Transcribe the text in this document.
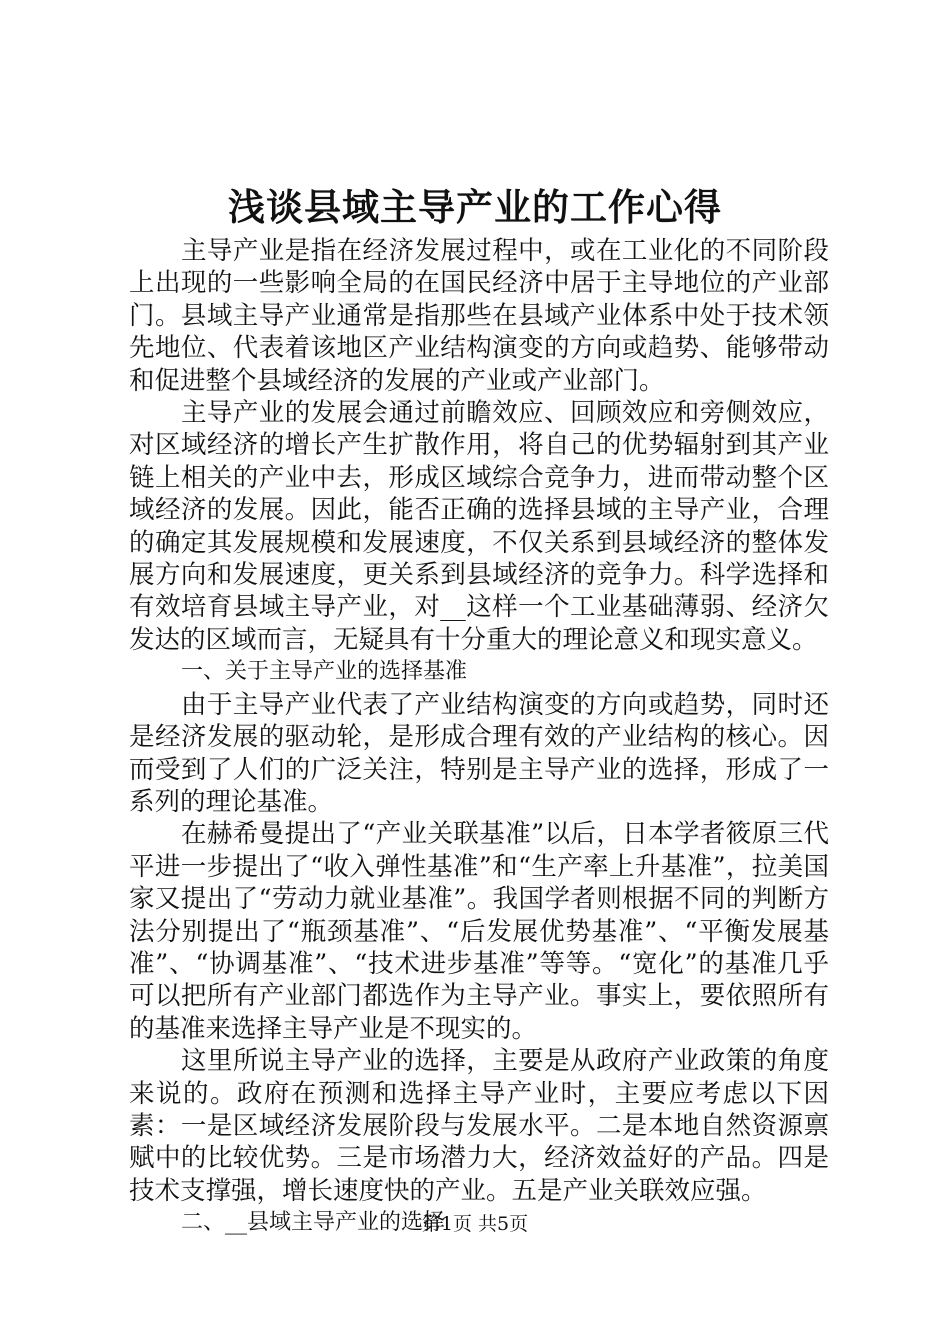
浅谈县域主导产业的工作心得

主导产业是指在经济发展过程中，或在工业化的不同阶段上出现的一些影响全局的在国民经济中居于主导地位的产业部门。县域主导产业通常是指那些在县域产业体系中处于技术领先地位、代表着该地区产业结构演变的方向或趋势、能够带动和促进整个县域经济的发展的产业或产业部门。

主导产业的发展会通过前瞻效应、回顾效应和旁侧效应，对区域经济的增长产生扩散作用，将自己的优势辐射到其产业链上相关的产业中去，形成区域综合竞争力，进而带动整个区域经济的发展。因此，能否正确的选择县域的主导产业，合理的确定其发展规模和发展速度，不仅关系到县域经济的整体发展方向和发展速度，更关系到县域经济的竞争力。科学选择和有效培育县域主导产业，对__这样一个工业基础薄弱、经济欠发达的区域而言，无疑具有十分重大的理论意义和现实意义。

一、关于主导产业的选择基准

由于主导产业代表了产业结构演变的方向或趋势，同时还是经济发展的驱动轮，是形成合理有效的产业结构的核心。因而受到了人们的广泛关注，特别是主导产业的选择，形成了一系列的理论基准。

在赫希曼提出了“产业关联基准”以后，日本学者筱原三代平进一步提出了“收入弹性基准”和“生产率上升基准”，拉美国家又提出了“劳动力就业基准”。我国学者则根据不同的判断方法分别提出了“瓶颈基准”、“后发展优势基准”、“平衡发展基准”、“协调基准”、“技术进步基准”等等。“宽化”的基准几乎可以把所有产业部门都选作为主导产业。事实上，要依照所有的基准来选择主导产业是不现实的。

这里所说主导产业的选择，主要是从政府产业政策的角度来说的。政府在预测和选择主导产业时，主要应考虑以下因素：一是区域经济发展阶段与发展水平。二是本地自然资源禀赋中的比较优势。三是市场潜力大，经济效益好的产品。四是技术支撑强，增长速度快的产业。五是产业关联效应强。

二、__县域主导产业的选择

第1页 共5页
